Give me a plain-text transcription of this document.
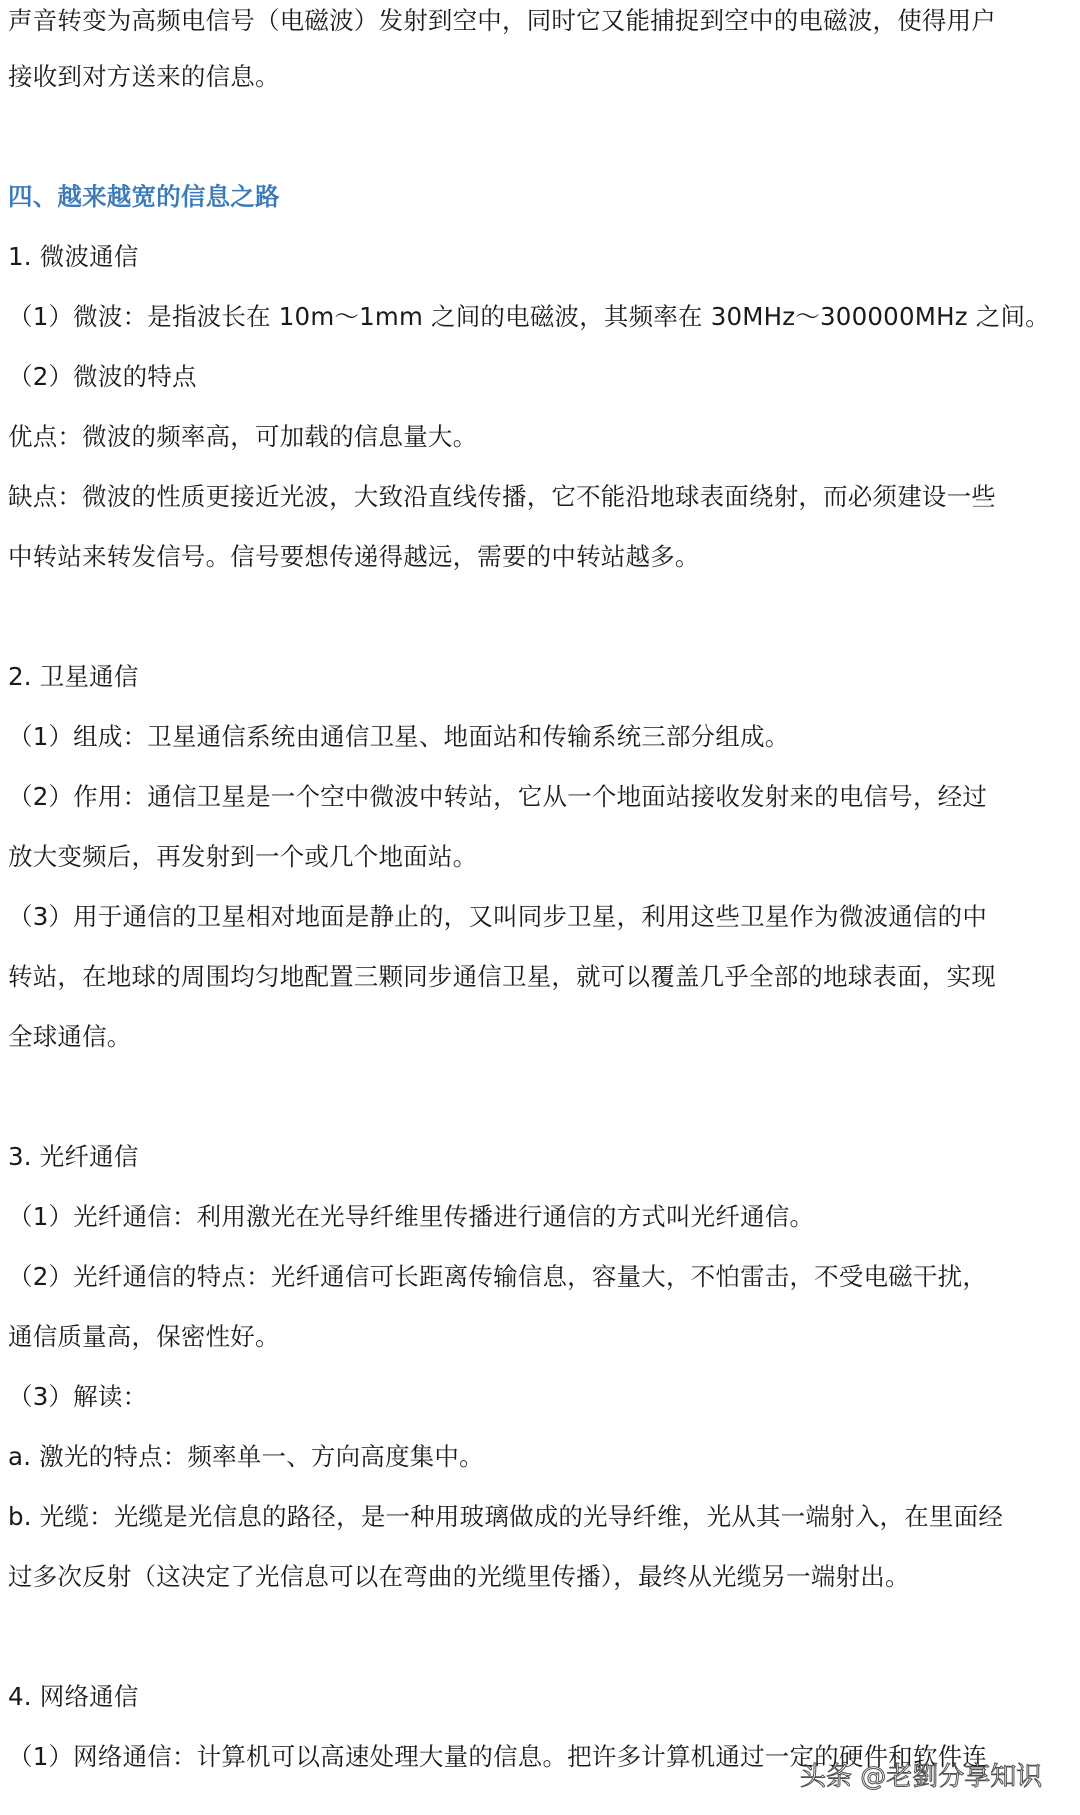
声音转变为高频电信号（电磁波）发射到空中，同时它又能捕捉到空中的电磁波，使得用户
接收到对方送来的信息。
四、越来越宽的信息之路
1. 微波通信
（1）微波：是指波长在 10m～1mm 之间的电磁波，其频率在 30MHz～300000MHz 之间。
（2）微波的特点
优点：微波的频率高，可加载的信息量大。
缺点：微波的性质更接近光波，大致沿直线传播，它不能沿地球表面绕射，而必须建设一些
中转站来转发信号。信号要想传递得越远，需要的中转站越多。
2. 卫星通信
（1）组成：卫星通信系统由通信卫星、地面站和传输系统三部分组成。
（2）作用：通信卫星是一个空中微波中转站，它从一个地面站接收发射来的电信号，经过
放大变频后，再发射到一个或几个地面站。
（3）用于通信的卫星相对地面是静止的，又叫同步卫星，利用这些卫星作为微波通信的中
转站，在地球的周围均匀地配置三颗同步通信卫星，就可以覆盖几乎全部的地球表面，实现
全球通信。
3. 光纤通信
（1）光纤通信：利用激光在光导纤维里传播进行通信的方式叫光纤通信。
（2）光纤通信的特点：光纤通信可长距离传输信息，容量大，不怕雷击，不受电磁干扰，
通信质量高，保密性好。
（3）解读：
a. 激光的特点：频率单一、方向高度集中。
b. 光缆：光缆是光信息的路径，是一种用玻璃做成的光导纤维，光从其一端射入，在里面经
过多次反射（这决定了光信息可以在弯曲的光缆里传播），最终从光缆另一端射出。
4. 网络通信
（1）网络通信：计算机可以高速处理大量的信息。把许多计算机通过一定的硬件和软件连
头条 @老劉分享知识
